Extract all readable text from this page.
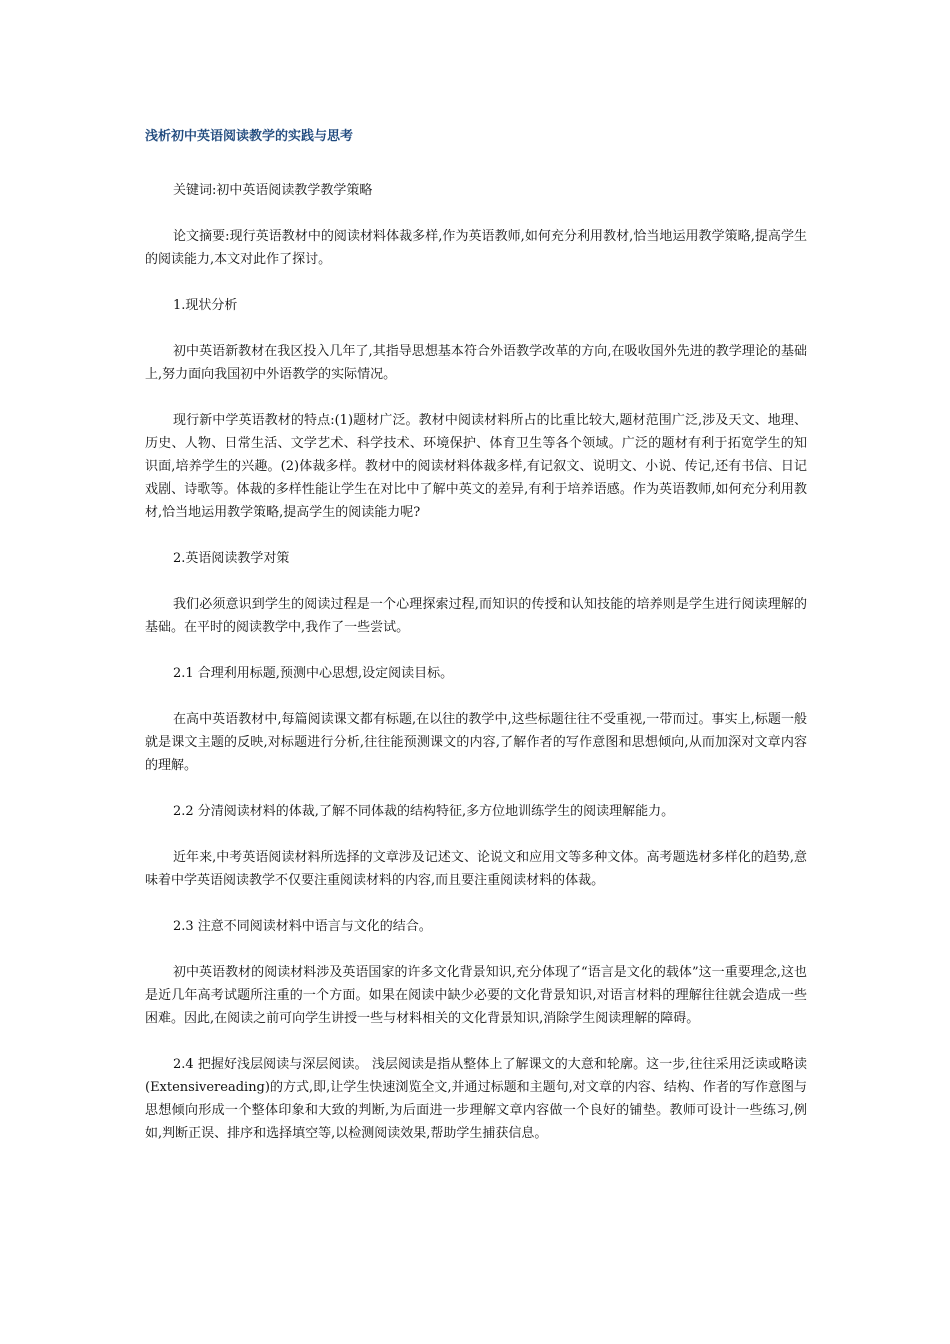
浅析初中英语阅读教学的实践与思考

关键词:初中英语阅读教学教学策略

论文摘要:现行英语教材中的阅读材料体裁多样,作为英语教师,如何充分利用教材,恰当地运用教学策略,提高学生的阅读能力,本文对此作了探讨。

1.现状分析

初中英语新教材在我区投入几年了,其指导思想基本符合外语教学改革的方向,在吸收国外先进的教学理论的基础上,努力面向我国初中外语教学的实际情况。

现行新中学英语教材的特点:(1)题材广泛。教材中阅读材料所占的比重比较大,题材范围广泛,涉及天文、地理、历史、人物、日常生活、文学艺术、科学技术、环境保护、体育卫生等各个领域。广泛的题材有利于拓宽学生的知识面,培养学生的兴趣。(2)体裁多样。教材中的阅读材料体裁多样,有记叙文、说明文、小说、传记,还有书信、日记戏剧、诗歌等。体裁的多样性能让学生在对比中了解中英文的差异,有利于培养语感。作为英语教师,如何充分利用教材,恰当地运用教学策略,提高学生的阅读能力呢?

2.英语阅读教学对策

我们必须意识到学生的阅读过程是一个心理探索过程,而知识的传授和认知技能的培养则是学生进行阅读理解的基础。在平时的阅读教学中,我作了一些尝试。

2.1 合理利用标题,预测中心思想,设定阅读目标。

在高中英语教材中,每篇阅读课文都有标题,在以往的教学中,这些标题往往不受重视,一带而过。事实上,标题一般就是课文主题的反映,对标题进行分析,往往能预测课文的内容,了解作者的写作意图和思想倾向,从而加深对文章内容的理解。

2.2 分清阅读材料的体裁,了解不同体裁的结构特征,多方位地训练学生的阅读理解能力。

近年来,中考英语阅读材料所选择的文章涉及记述文、论说文和应用文等多种文体。高考题选材多样化的趋势,意味着中学英语阅读教学不仅要注重阅读材料的内容,而且要注重阅读材料的体裁。

2.3 注意不同阅读材料中语言与文化的结合。

初中英语教材的阅读材料涉及英语国家的许多文化背景知识,充分体现了“语言是文化的载体”这一重要理念,这也是近几年高考试题所注重的一个方面。如果在阅读中缺少必要的文化背景知识,对语言材料的理解往往就会造成一些困难。因此,在阅读之前可向学生讲授一些与材料相关的文化背景知识,消除学生阅读理解的障碍。

2.4 把握好浅层阅读与深层阅读。 浅层阅读是指从整体上了解课文的大意和轮廓。这一步,往往采用泛读或略读(Extensivereading)的方式,即,让学生快速浏览全文,并通过标题和主题句,对文章的内容、结构、作者的写作意图与思想倾向形成一个整体印象和大致的判断,为后面进一步理解文章内容做一个良好的铺垫。教师可设计一些练习,例如,判断正误、排序和选择填空等,以检测阅读效果,帮助学生捕获信息。
